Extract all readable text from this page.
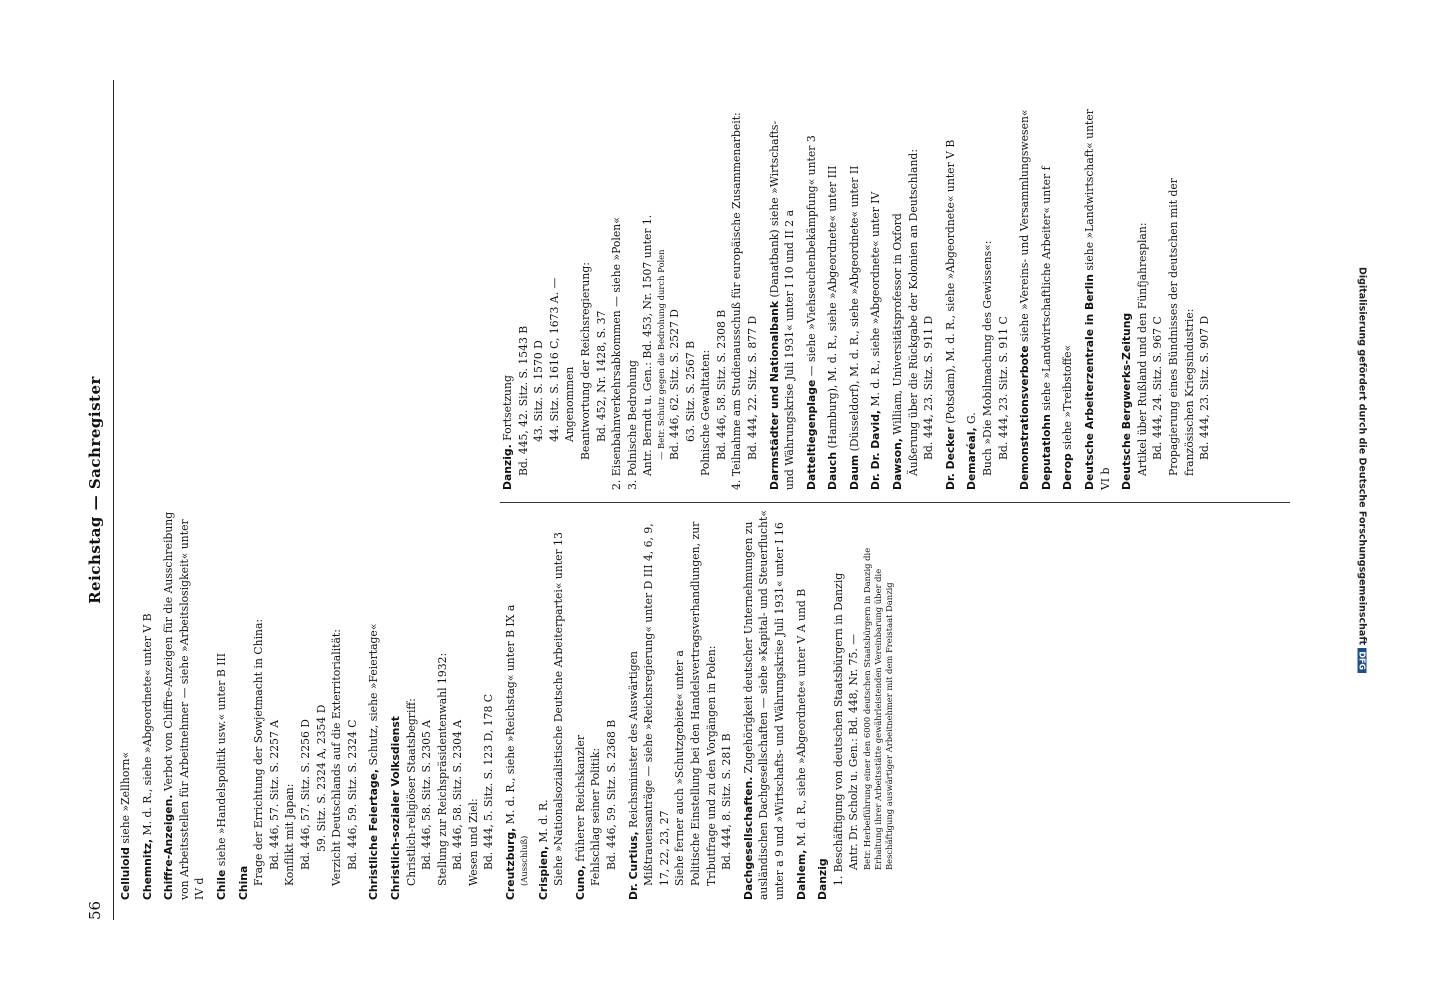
56
Reichstag — Sachregister
Celluloid siehe »Zellhorn«
Chemnitz, M. d. R., siehe »Abgeordnete« unter V B
Chiffre-Anzeigen. Verbot von Chiffre-Anzeigen für die Ausschreibung von Arbeitsstellen für Arbeitnehmer — siehe »Arbeitslosigkeit« unter IV d Chile siehe »Handelspolitik usw.« unter B III
China Frage der Errichtung der Sowjetmacht in China: Bd. 446, 57. Sitz. S. 2257 A Konflikt mit Japan: Bd. 446, 57. Sitz. S. 2256 D 59. Sitz. S. 2324 A, 2354 D Verzicht Deutschlands auf die Exterritorialität: Bd. 446, 59. Sitz. S. 2324 C Christliche Feiertage, Schutz, siehe »Feiertage«
Christlich-sozialer Volksdienst Christlich-religiöser Staatsbegriff: Bd. 446, 58. Sitz. S. 2305 A Stellung zur Reichspräsidentenwahl 1932: Bd. 446, 58. Sitz. S. 2304 A Wesen und Ziel: Bd. 444, 5. Sitz. S. 123 D, 178 C Creutzburg, M. d. R., siehe »Reichstag« unter B IX a
(Ausschluß) Crispien, M. d. R. Siehe »Nationalsozialistische Deutsche Arbeiterpartei« unter 13 Cuno, früherer Reichskanzler Fehlschlag seiner Politik: Bd. 446, 59. Sitz. S. 2368 B Dr. Curtius, Reichsminister des Auswärtigen Mißtrauensanträge — siehe »Reichsregierung« unter D III 4, 6, 9, 17, 22, 23, 27 Siehe ferner auch »Schutzgebiete« unter a Politische Einstellung bei den Handelsvertragsverhandlungen, zur Tributfrage und zu den Vorgängen in Polen: Bd. 444, 8. Sitz. S. 281 B Dachgesellschaften. Zugehörigkeit deutscher Unternehmungen zu ausländischen Dachgesellschaften — siehe »Kapital- und Steuerflucht« unter a 9 und »Wirtschafts- und Währungskrise Juli 1931« unter I 16 Dahlem, M. d. R., siehe »Abgeordnete« unter V A und B
Danzig 1. Beschäftigung von deutschen Staatsbürgern in Danzig Antr. Dr. Scholz u. Gen.: Bd. 448, Nr. 75. — Betr. Herbeiführung einer den 6000 deutschen Staatsbürgern in Danzig die Erhaltung ihrer Arbeitsstätte gewährleistenden Vereinbarung über die Beschäftigung auswärtiger Arbeitnehmer mit dem Freistaat Danzig
Danzig. Fortsetzung Bd. 445, 42. Sitz. S. 1543 B 43. Sitz. S. 1570 D 44. Sitz. S. 1616 C, 1673 A. — Angenommen Beantwortung der Reichsregierung: Bd. 452, Nr. 1428, S. 37 2. Eisenbahnverkehrsabkommen — siehe »Polen« 3. Polnische Bedrohung Antr. Berndt u. Gen.: Bd. 453, Nr. 1507 unter 1. — Betr. Schutz gegen die Bedrohung durch Polen Bd. 446, 62. Sitz. S. 2527 D 63. Sitz. S. 2567 B Polnische Gewalttaten: Bd. 446, 58. Sitz. S. 2308 B 4. Teilnahme am Studienausschuß für europäische Zusammenarbeit: Bd. 444, 22. Sitz. S. 877 D Darmstädter und Nationalbank (Danatbank) siehe »Wirtschafts- und Währungskrise Juli 1931« unter I 10 und II 2 a Datteltiegenplage — siehe »Viehseuchenbekämpfung« unter 3
Dauch (Hamburg), M. d. R., siehe »Abgeordnete« unter III
Daum (Düsseldorf), M. d. R., siehe »Abgeordnete« unter II Dr. Dr. David, M. d. R., siehe »Abgeordnete« unter IV
Dawson, William, Universitätsprofessor in Oxford Äußerung über die Rückgabe der Kolonien an Deutschland: Bd. 444, 23. Sitz. S. 911 D Dr. Decker (Potsdam), M. d. R., siehe »Abgeordnete« unter V B
Demaréal, G. Buch »Die Mobilmachung des Gewissens«: Bd. 444, 23. Sitz. S. 911 C Demonstrationsverbote siehe »Vereins- und Versammlungswesen«
Deputatlohn siehe »Landwirtschaftliche Arbeiter« unter f
Derop siehe »Treibstoffe« Deutsche Arbeiterzentrale in Berlin siehe »Landwirtschaft« unter VI b Deutsche Bergwerks-Zeitung Artikel über Rußland und den Fünfjahresplan: Bd. 444, 24. Sitz. S. 967 C Propagierung eines Bündnisses der deutschen mit der französischen Kriegsindustrie: Bd. 444, 23. Sitz. S. 907 D	Digitalisierung gefördert durch die Deutsche Forschungsgemeinschaft DFG
